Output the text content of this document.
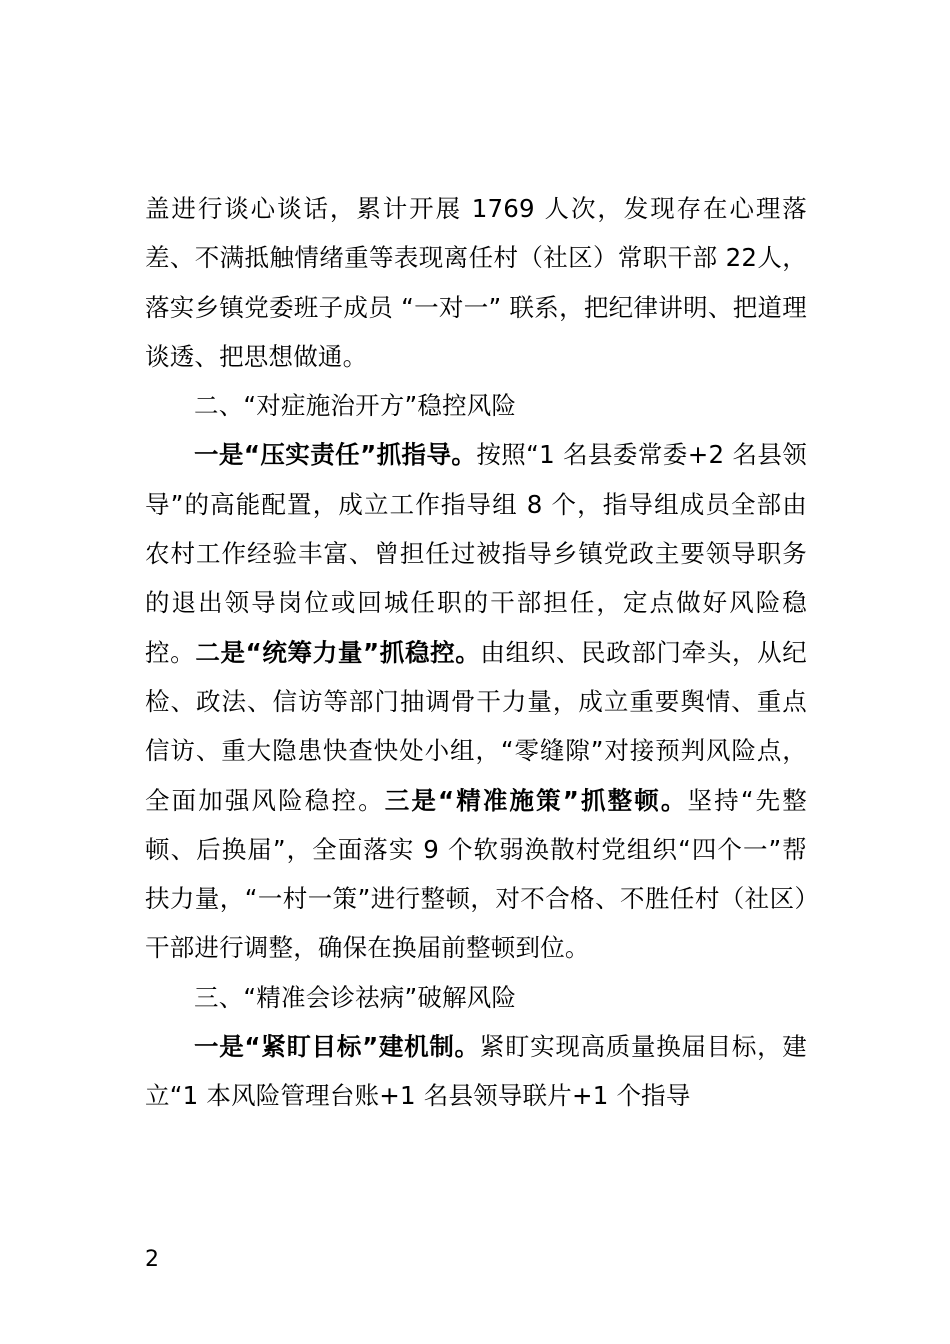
盖进行谈心谈话，累计开展 1769 人次，发现存在心理落差、不满抵触情绪重等表现离任村（社区）常职干部 22人，落实乡镇党委班子成员 “一对一” 联系，把纪律讲明、把道理谈透、把思想做通。

二、“对症施治开方”稳控风险

一是“压实责任”抓指导。按照“1 名县委常委+2 名县领导”的高能配置，成立工作指导组 8 个，指导组成员全部由农村工作经验丰富、曾担任过被指导乡镇党政主要领导职务的退出领导岗位或回城任职的干部担任，定点做好风险稳控。二是“统筹力量”抓稳控。由组织、民政部门牵头，从纪检、政法、信访等部门抽调骨干力量，成立重要舆情、重点信访、重大隐患快查快处小组，“零缝隙”对接预判风险点，全面加强风险稳控。三是“精准施策”抓整顿。坚持“先整顿、后换届”，全面落实 9 个软弱涣散村党组织“四个一”帮扶力量，“一村一策”进行整顿，对不合格、不胜任村（社区）干部进行调整，确保在换届前整顿到位。

三、“精准会诊祛病”破解风险

一是“紧盯目标”建机制。紧盯实现高质量换届目标，建立“1 本风险管理台账+1 名县领导联片+1 个指导

2
